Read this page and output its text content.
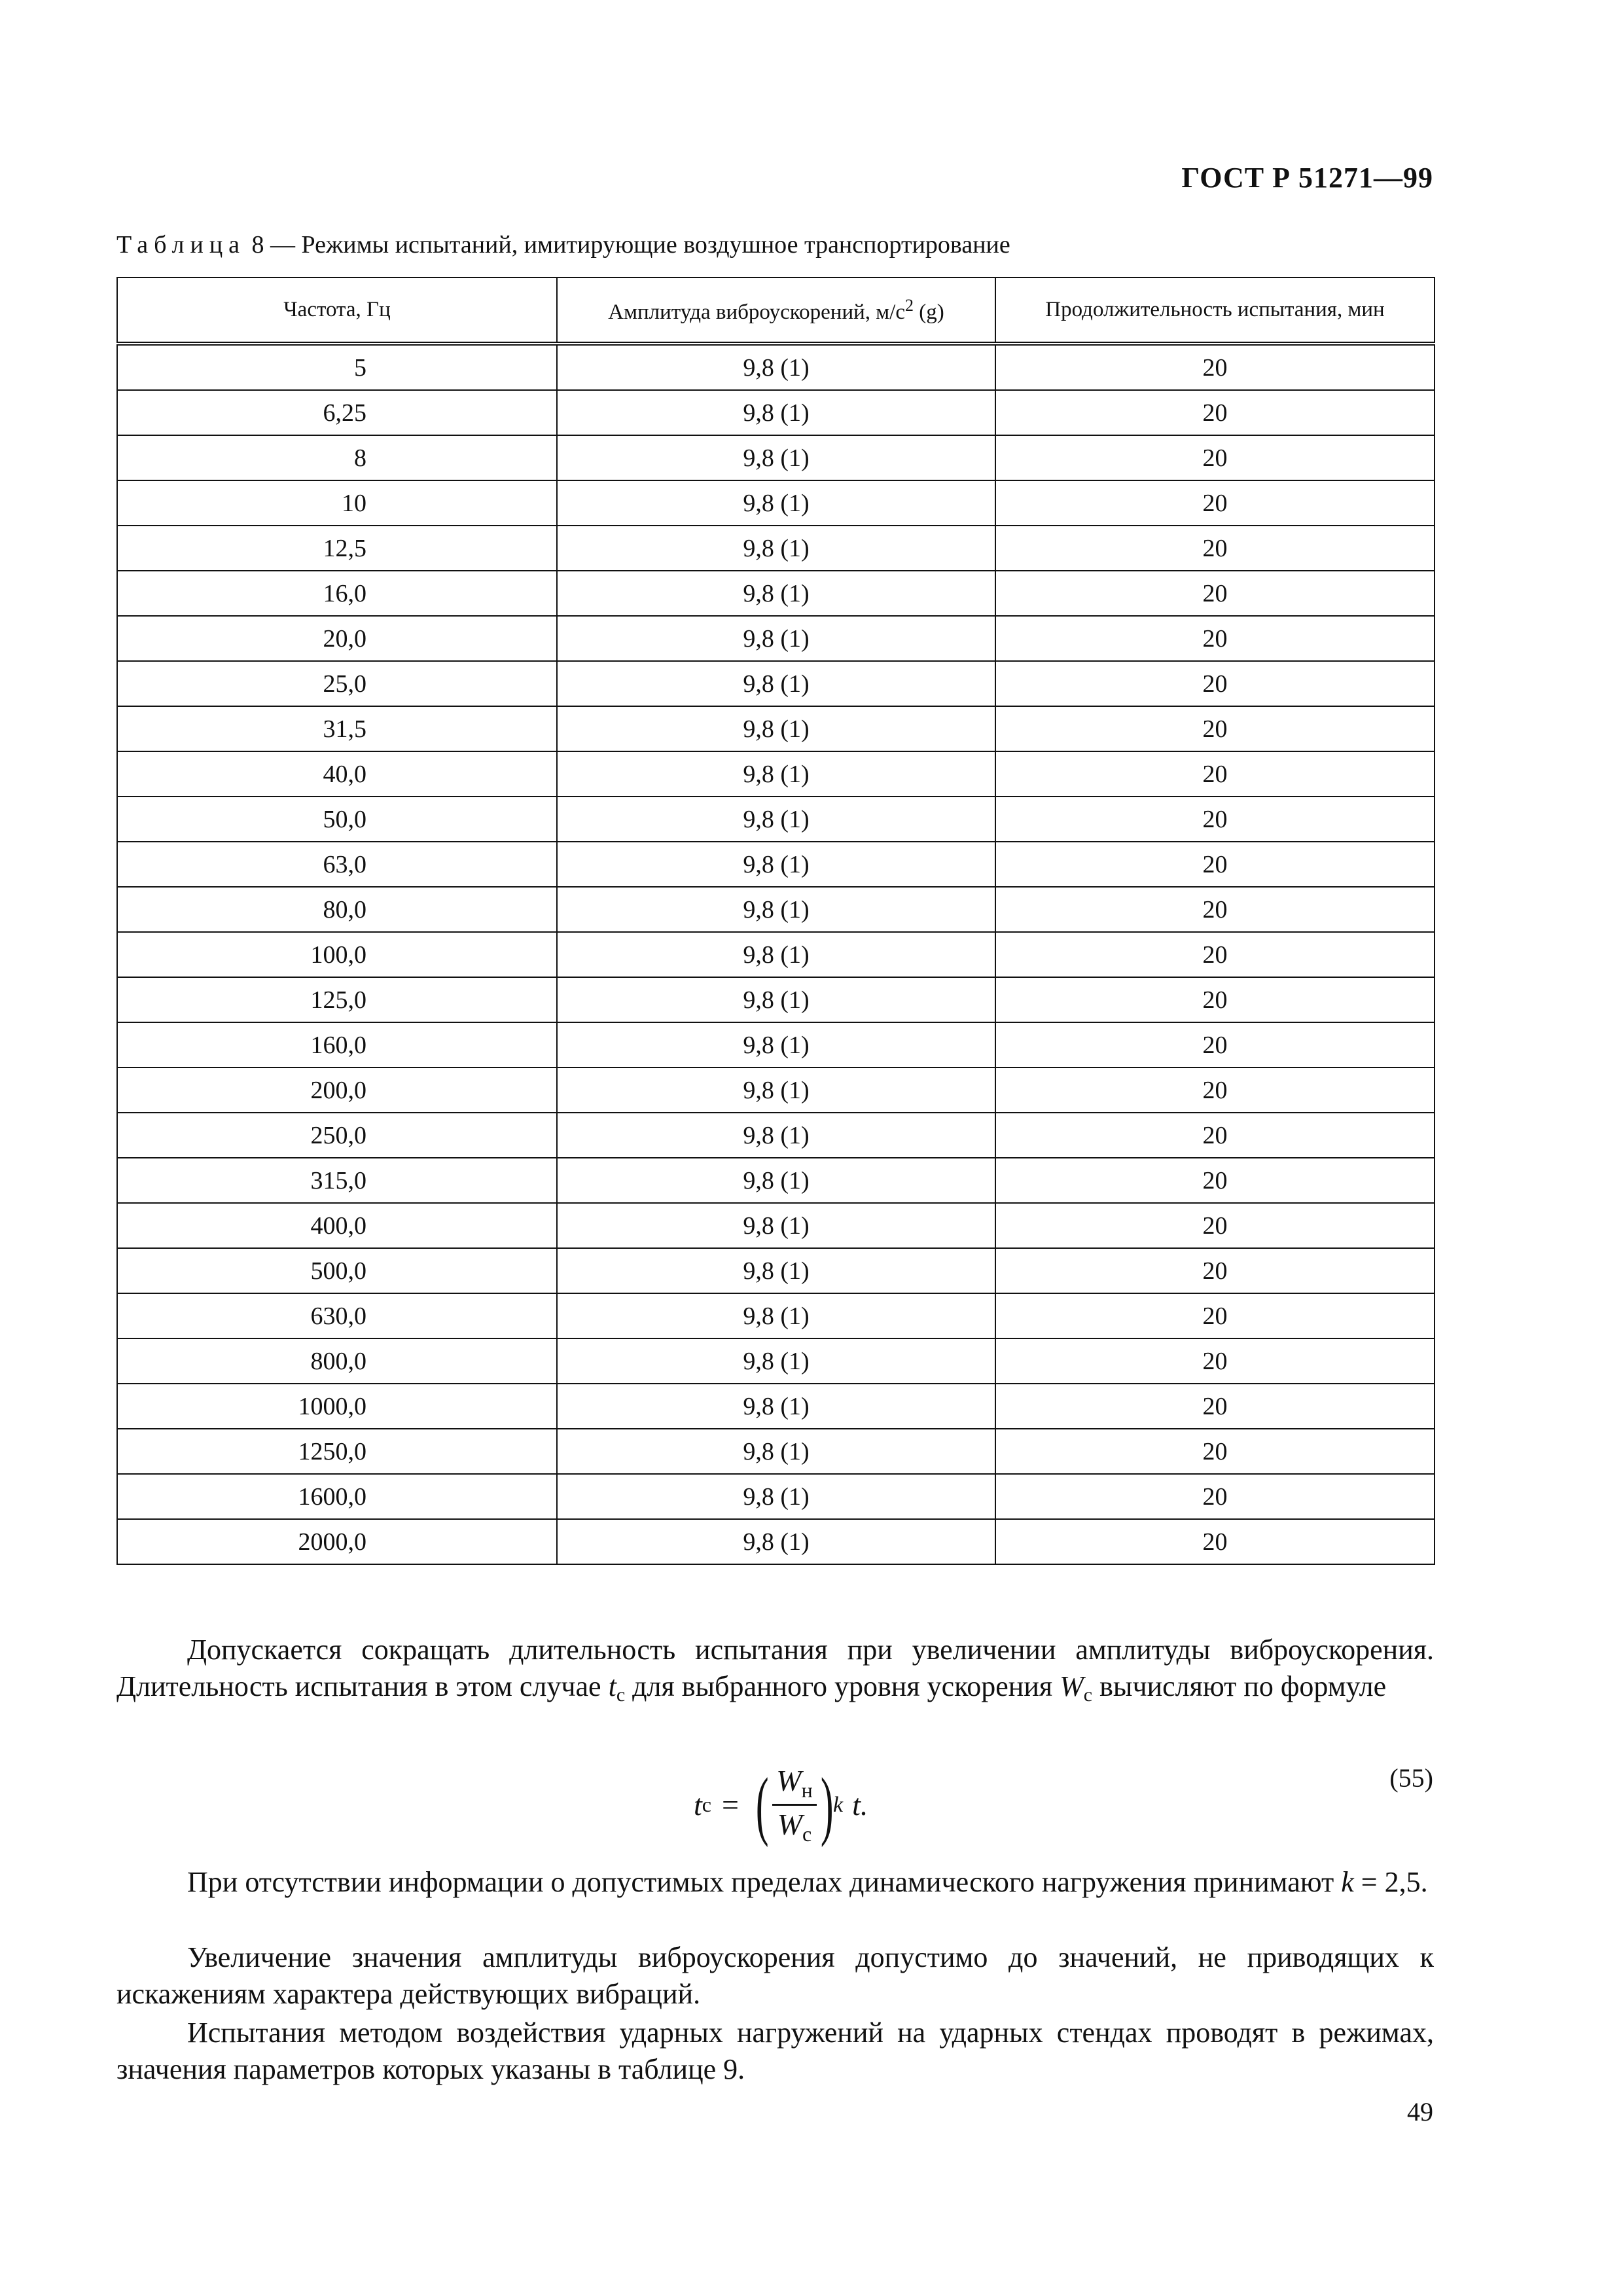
ГОСТ Р 51271—99
Таблица 8 — Режимы испытаний, имитирующие воздушное транспортирование
Частота, Гц	Амплитуда виброускорений, $м/с^2$ (g)	Продолжительность испытания, мин
5	9,8 (1)	20
6,25	9,8 (1)	20
8	9,8 (1)	20
10	9,8 (1)	20
12,5	9,8 (1)	20
16,0	9,8 (1)	20
20,0	9,8 (1)	20
25,0	9,8 (1)	20
31,5	9,8 (1)	20
40,0	9,8 (1)	20
50,0	9,8 (1)	20
63,0	9,8 (1)	20
80,0	9,8 (1)	20
100,0	9,8 (1)	20
125,0	9,8 (1)	20
160,0	9,8 (1)	20
200,0	9,8 (1)	20
250,0	9,8 (1)	20
315,0	9,8 (1)	20
400,0	9,8 (1)	20
500,0	9,8 (1)	20
630,0	9,8 (1)	20
800,0	9,8 (1)	20
1000,0	9,8 (1)	20
1250,0	9,8 (1)	20
1600,0	9,8 (1)	20
2000,0	9,8 (1)	20

Допускается сокращать длительность испытания при увеличении амплитуды виброускорения. Длительность испытания в этом случае $t_с$ для выбранного уровня ускорения $W_с$ вычисляют по формуле

t с = ( $\frac{W_н}{W_с}$ ) k t.
(55)

При отсутствии информации о допустимых пределах динамического нагружения принимают k = 2,5.

Увеличение значения амплитуды виброускорения допустимо до значений, не приводящих к искажениям характера действующих вибраций.

Испытания методом воздействия ударных нагружений на ударных стендах проводят в режимах, значения параметров которых указаны в таблице 9.

49
